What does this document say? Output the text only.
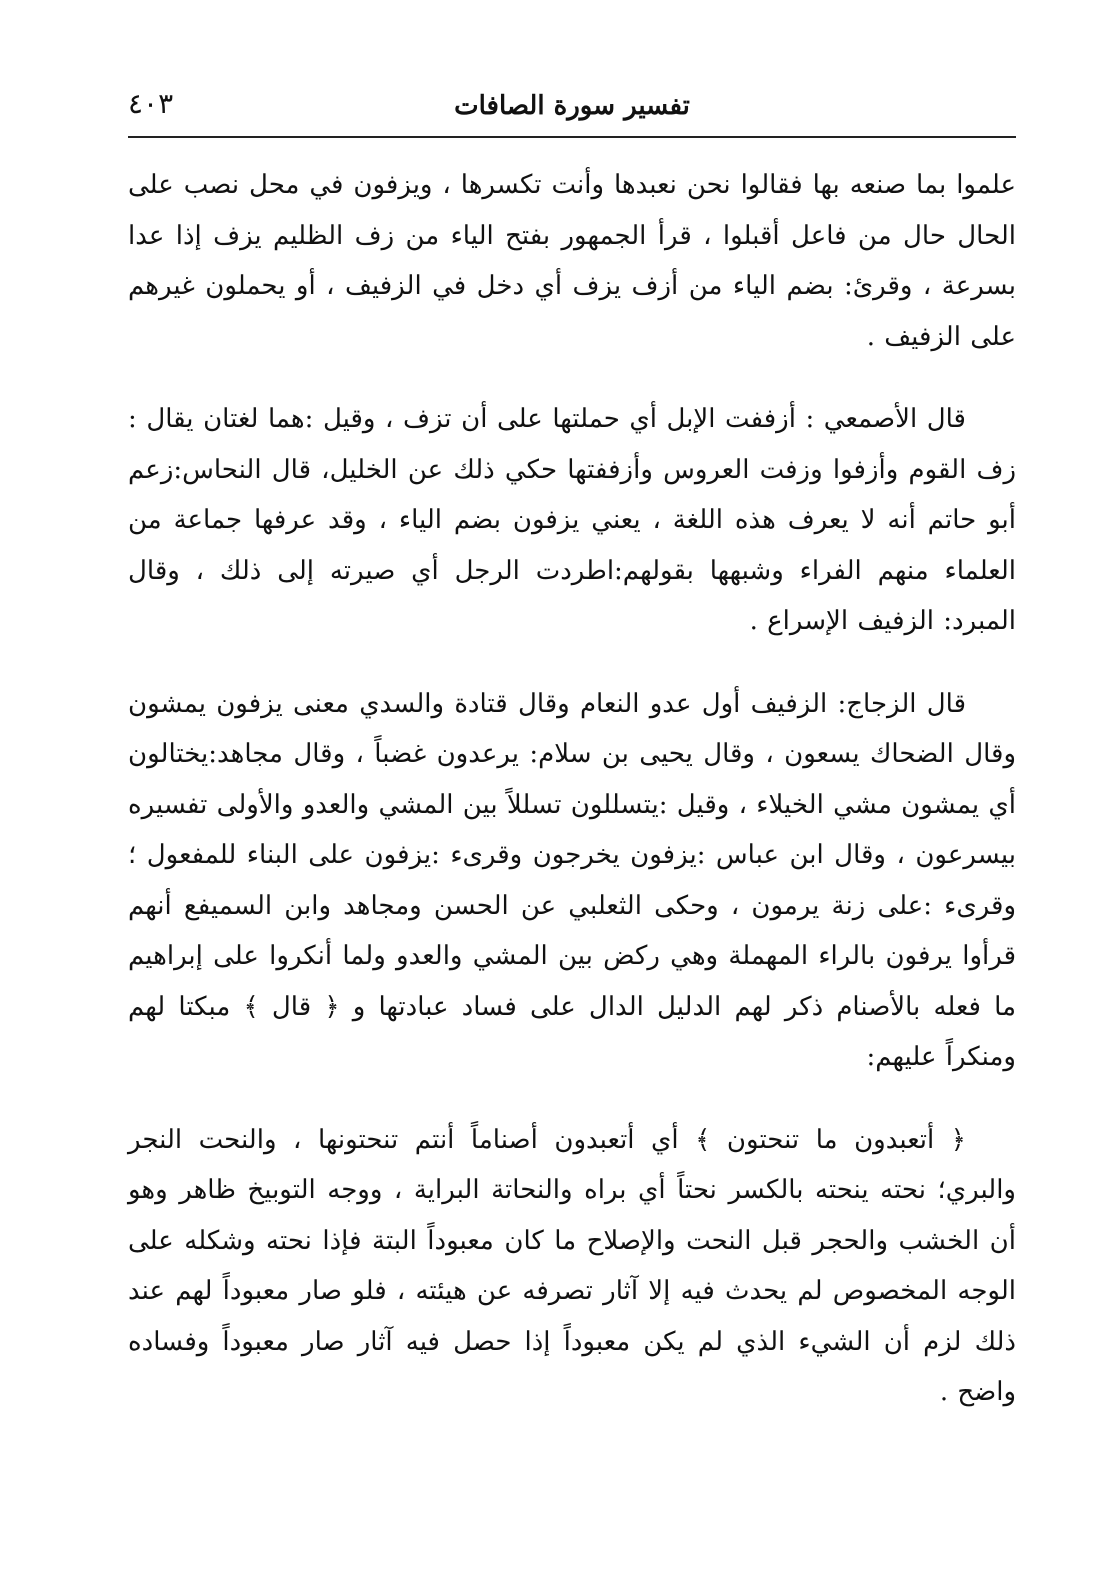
٤٠٣	تفسير سورة الصافات

علموا بما صنعه بها فقالوا نحن نعبدها وأنت تكسرها ، ويزفون في محل نصب على الحال حال من فاعل أقبلوا ، قرأ الجمهور بفتح الياء من زف الظليم يزف إذا عدا بسرعة ، وقرئ: بضم الياء من أزف يزف أي دخل في الزفيف ، أو يحملون غيرهم على الزفيف .

قال الأصمعي : أزففت الإبل أي حملتها على أن تزف ، وقيل :هما لغتان يقال : زف القوم وأزفوا وزفت العروس وأزففتها حكي ذلك عن الخليل، قال النحاس:زعم أبو حاتم أنه لا يعرف هذه اللغة ، يعني يزفون بضم الياء ، وقد عرفها جماعة من العلماء منهم الفراء وشبهها بقولهم:اطردت الرجل أي صيرته إلى ذلك ، وقال المبرد: الزفيف الإسراع .

قال الزجاج: الزفيف أول عدو النعام وقال قتادة والسدي معنى يزفون يمشون وقال الضحاك يسعون ، وقال يحيى بن سلام: يرعدون غضباً ، وقال مجاهد:يختالون أي يمشون مشي الخيلاء ، وقيل :يتسللون تسللاً بين المشي والعدو والأولى تفسيره بيسرعون ، وقال ابن عباس :يزفون يخرجون وقرىء :يزفون على البناء للمفعول ؛ وقرىء :على زنة يرمون ، وحكى الثعلبي عن الحسن ومجاهد وابن السميفع أنهم قرأوا يرفون بالراء المهملة وهي ركض بين المشي والعدو ولما أنكروا على إبراهيم ما فعله بالأصنام ذكر لهم الدليل الدال على فساد عبادتها و ﴿ قال ﴾ مبكتا لهم ومنكراً عليهم:

﴿ أتعبدون ما تنحتون ﴾ أي أتعبدون أصناماً أنتم تنحتونها ، والنحت النجر والبري؛ نحته ينحته بالكسر نحتاً أي براه والنحاتة البراية ، ووجه التوبيخ ظاهر وهو أن الخشب والحجر قبل النحت والإصلاح ما كان معبوداً البتة فإذا نحته وشكله على الوجه المخصوص لم يحدث فيه إلا آثار تصرفه عن هيئته ، فلو صار معبوداً لهم عند ذلك لزم أن الشيء الذي لم يكن معبوداً إذا حصل فيه آثار صار معبوداً وفساده واضح .
